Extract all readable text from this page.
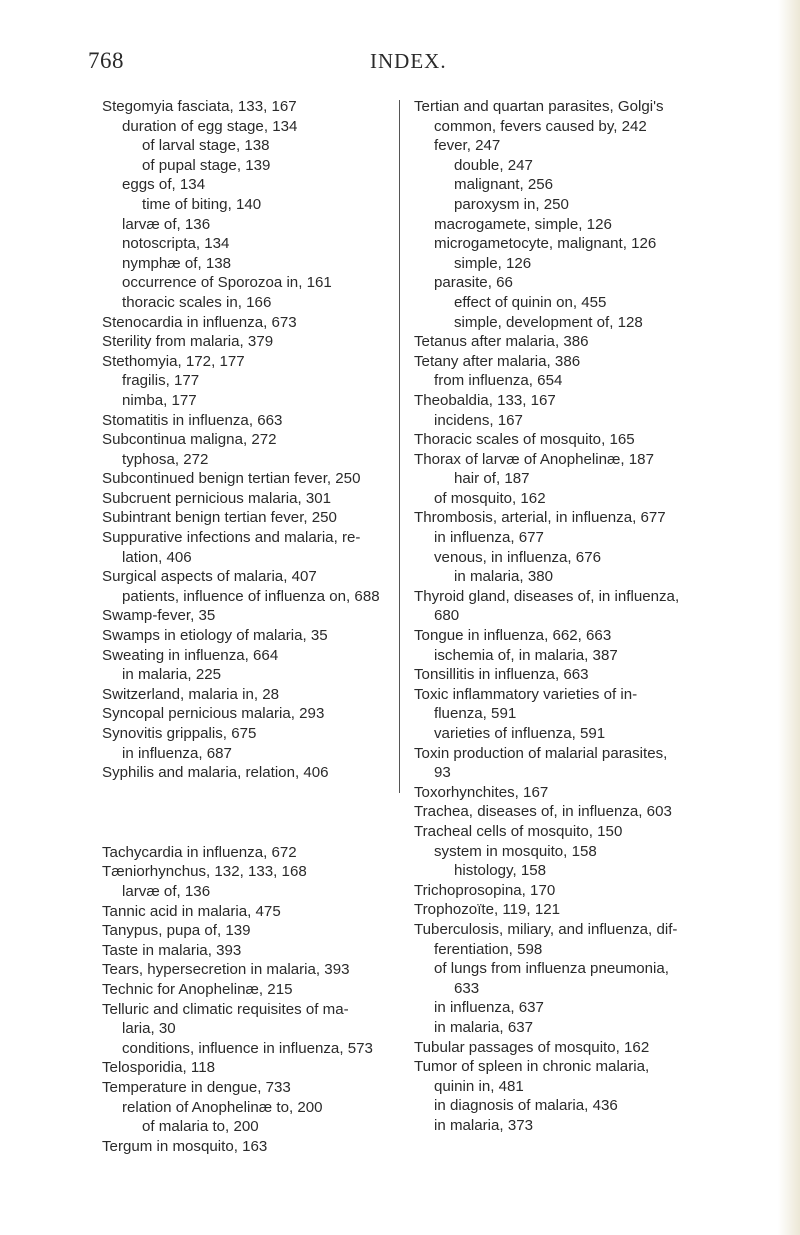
768	INDEX.
Stegomyia fasciata, 133, 167
duration of egg stage, 134
of larval stage, 138
of pupal stage, 139
eggs of, 134
time of biting, 140
larvæ of, 136
notoscripta, 134
nymphæ of, 138
occurrence of Sporozoa in, 161
thoracic scales in, 166
Stenocardia in influenza, 673
Sterility from malaria, 379
Stethomyia, 172, 177
fragilis, 177
nimba, 177
Stomatitis in influenza, 663
Subcontinua maligna, 272
typhosa, 272
Subcontinued benign tertian fever, 250
Subcruent pernicious malaria, 301
Subintrant benign tertian fever, 250
Suppurative infections and malaria, re-
lation, 406
Surgical aspects of malaria, 407
patients, influence of influenza on, 688
Swamp-fever, 35
Swamps in etiology of malaria, 35
Sweating in influenza, 664
in malaria, 225
Switzerland, malaria in, 28
Syncopal pernicious malaria, 293
Synovitis grippalis, 675
in influenza, 687
Syphilis and malaria, relation, 406
Tachycardia in influenza, 672
Tæniorhynchus, 132, 133, 168
larvæ of, 136
Tannic acid in malaria, 475
Tanypus, pupa of, 139
Taste in malaria, 393
Tears, hypersecretion in malaria, 393
Technic for Anophelinæ, 215
Telluric and climatic requisites of ma-
laria, 30
conditions, influence in influenza, 573
Telosporidia, 118
Temperature in dengue, 733
relation of Anophelinæ to, 200
of malaria to, 200
Tergum in mosquito, 163
Tertian and quartan parasites, Golgi's
common, fevers caused by, 242
fever, 247
double, 247
malignant, 256
paroxysm in, 250
macrogamete, simple, 126
microgametocyte, malignant, 126
simple, 126
parasite, 66
effect of quinin on, 455
simple, development of, 128
Tetanus after malaria, 386
Tetany after malaria, 386
from influenza, 654
Theobaldia, 133, 167
incidens, 167
Thoracic scales of mosquito, 165
Thorax of larvæ of Anophelinæ, 187
hair of, 187
of mosquito, 162
Thrombosis, arterial, in influenza, 677
in influenza, 677
venous, in influenza, 676
in malaria, 380
Thyroid gland, diseases of, in influenza,
680
Tongue in influenza, 662, 663
ischemia of, in malaria, 387
Tonsillitis in influenza, 663
Toxic inflammatory varieties of in-
fluenza, 591
varieties of influenza, 591
Toxin production of malarial parasites,
93
Toxorhynchites, 167
Trachea, diseases of, in influenza, 603
Tracheal cells of mosquito, 150
system in mosquito, 158
histology, 158
Trichoprosopina, 170
Trophozoïte, 119, 121
Tuberculosis, miliary, and influenza, dif-
ferentiation, 598
of lungs from influenza pneumonia,
633
in influenza, 637
in malaria, 637
Tubular passages of mosquito, 162
Tumor of spleen in chronic malaria,
quinin in, 481
in diagnosis of malaria, 436
in malaria, 373
